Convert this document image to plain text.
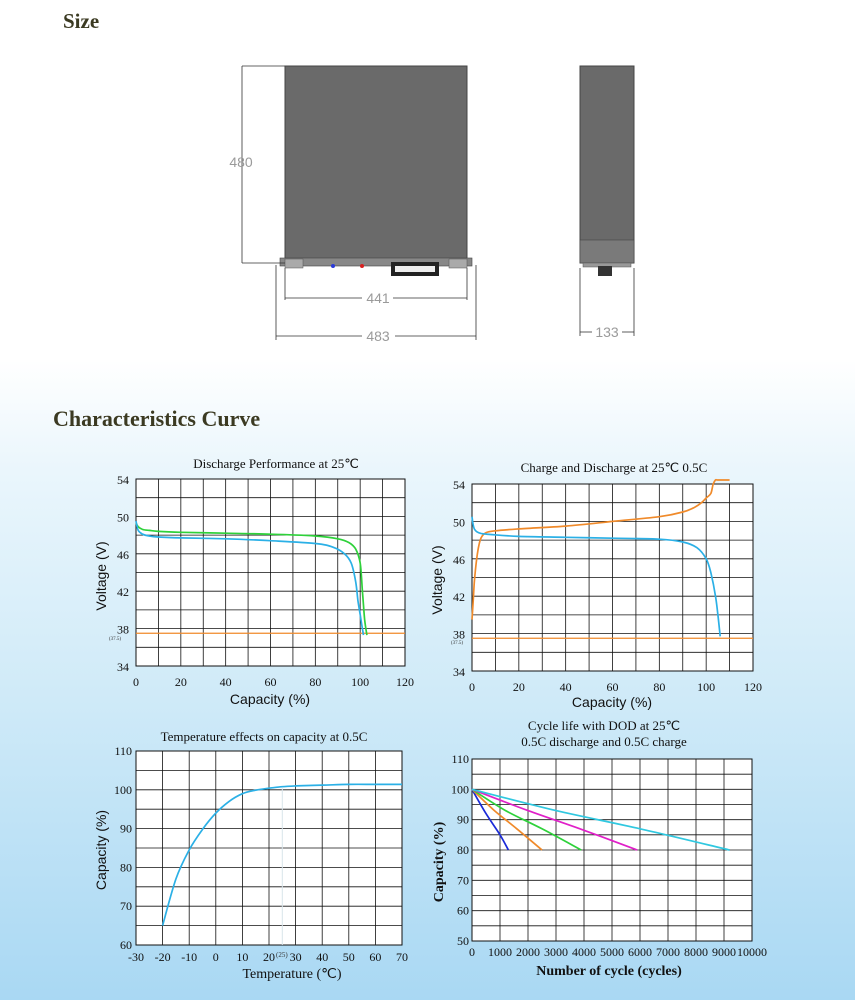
Size
Characteristics Curve
480
441
483	133
Discharge Performance at 25℃
Capacity (%)
Voltage (V)
(37.5)
0	20	40	60	80 100 120
34
38
42
46
50
54
Charge and Discharge at 25℃ 0.5C
Capacity (%)
Voltage (V)
(37.5)
0	20	40	60	80	100 120
34
38
42
46
50
54
Temperature effects on capacity at 0.5C
Temperature (℃)
Capacity (%)
(25)
-30 -20 -10 0 10 20 30 40 50 60 70
60
70
80
90
100
110
Cycle life with DOD at 25℃
0.5C discharge and 0.5C charge
Number of cycle (cycles)
Capacity (%)
0 1000 2000 3000 4000 5000 6000 7000 8000 9000 10000
50
60
70
80
90
100
110
